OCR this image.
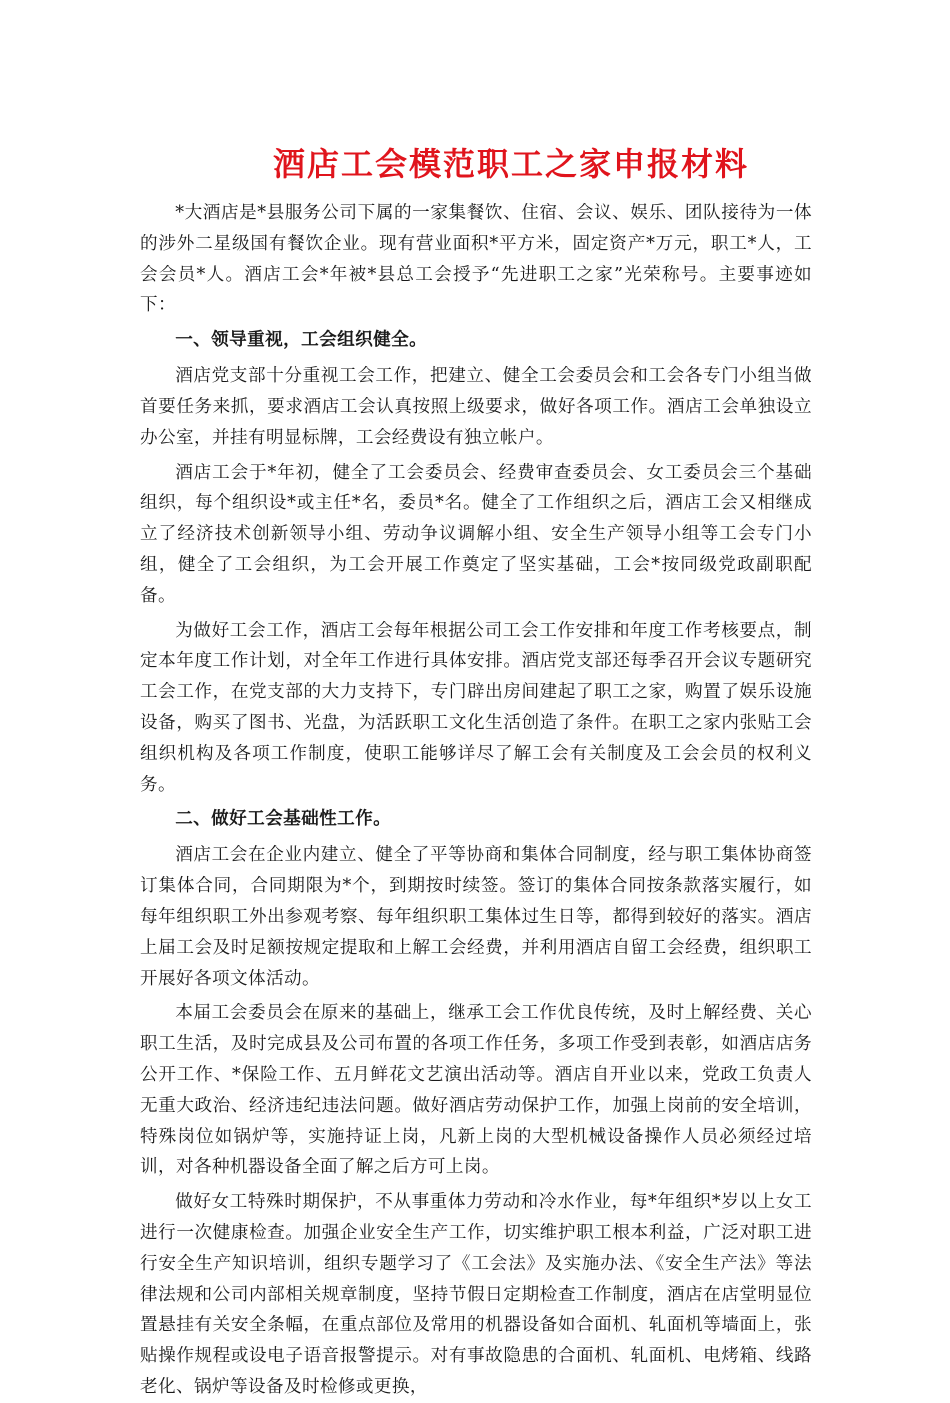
酒店工会模范职工之家申报材料

*大酒店是*县服务公司下属的一家集餐饮、住宿、会议、娱乐、团队接待为一体的涉外二星级国有餐饮企业。现有营业面积*平方米，固定资产*万元，职工*人，工会会员*人。酒店工会*年被*县总工会授予“先进职工之家”光荣称号。主要事迹如下：

一、领导重视，工会组织健全。

酒店党支部十分重视工会工作，把建立、健全工会委员会和工会各专门小组当做首要任务来抓，要求酒店工会认真按照上级要求，做好各项工作。酒店工会单独设立办公室，并挂有明显标牌，工会经费设有独立帐户。

酒店工会于*年初，健全了工会委员会、经费审查委员会、女工委员会三个基础组织，每个组织设*或主任*名，委员*名。健全了工作组织之后，酒店工会又相继成立了经济技术创新领导小组、劳动争议调解小组、安全生产领导小组等工会专门小组，健全了工会组织，为工会开展工作奠定了坚实基础，工会*按同级党政副职配备。

为做好工会工作，酒店工会每年根据公司工会工作安排和年度工作考核要点，制定本年度工作计划，对全年工作进行具体安排。酒店党支部还每季召开会议专题研究工会工作，在党支部的大力支持下，专门辟出房间建起了职工之家，购置了娱乐设施设备，购买了图书、光盘，为活跃职工文化生活创造了条件。在职工之家内张贴工会组织机构及各项工作制度，使职工能够详尽了解工会有关制度及工会会员的权利义务。

二、做好工会基础性工作。

酒店工会在企业内建立、健全了平等协商和集体合同制度，经与职工集体协商签订集体合同，合同期限为*个，到期按时续签。签订的集体合同按条款落实履行，如每年组织职工外出参观考察、每年组织职工集体过生日等，都得到较好的落实。酒店上届工会及时足额按规定提取和上解工会经费，并利用酒店自留工会经费，组织职工开展好各项文体活动。

本届工会委员会在原来的基础上，继承工会工作优良传统，及时上解经费、关心职工生活，及时完成县及公司布置的各项工作任务，多项工作受到表彰，如酒店店务公开工作、*保险工作、五月鲜花文艺演出活动等。酒店自开业以来，党政工负责人无重大政治、经济违纪违法问题。做好酒店劳动保护工作，加强上岗前的安全培训，特殊岗位如锅炉等，实施持证上岗，凡新上岗的大型机械设备操作人员必须经过培训，对各种机器设备全面了解之后方可上岗。

做好女工特殊时期保护，不从事重体力劳动和冷水作业，每*年组织*岁以上女工进行一次健康检查。加强企业安全生产工作，切实维护职工根本利益，广泛对职工进行安全生产知识培训，组织专题学习了《工会法》及实施办法、《安全生产法》等法律法规和公司内部相关规章制度，坚持节假日定期检查工作制度，酒店在店堂明显位置悬挂有关安全条幅，在重点部位及常用的机器设备如合面机、轧面机等墙面上，张贴操作规程或设电子语音报警提示。对有事故隐患的合面机、轧面机、电烤箱、线路老化、锅炉等设备及时检修或更换，
